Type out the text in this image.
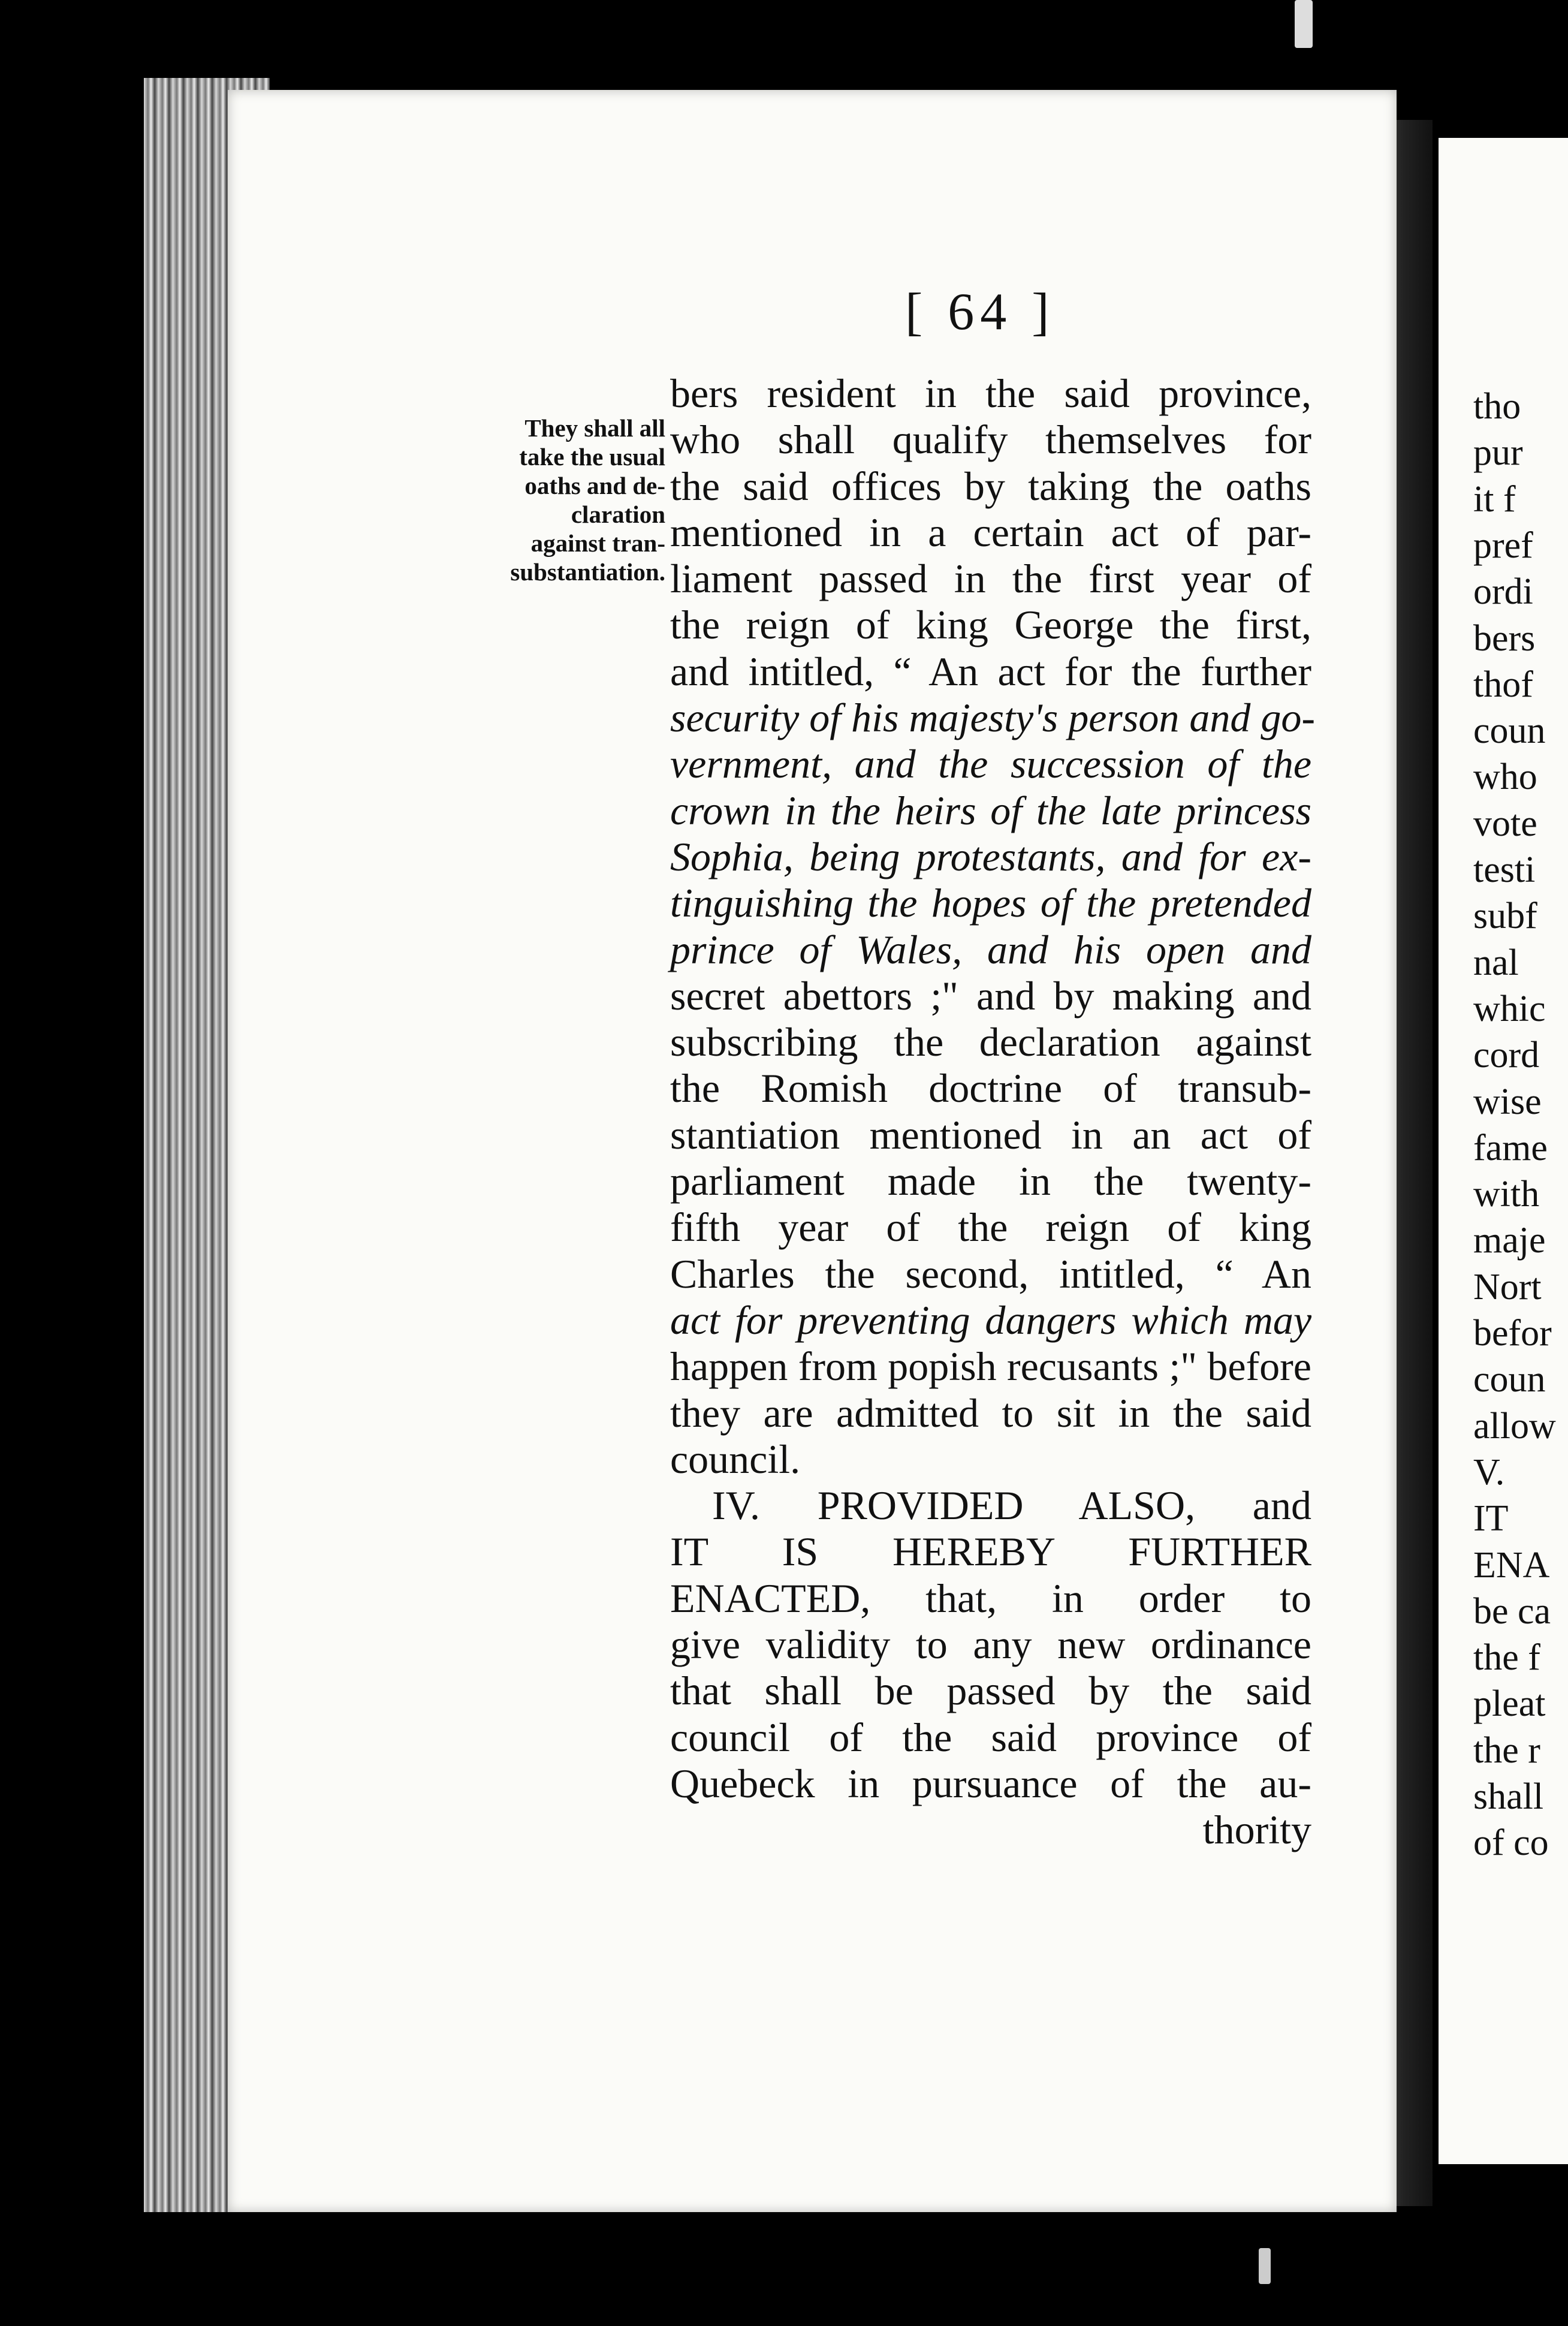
tho
pur
it f
pref
ordi
bers
thof
coun
who
vote
testi
subf
nal
whic
cord
wise
fame
with
maje
Nort
befor
coun
allow
V.
IT
ENA
be ca
the f
pleat
the r
shall
of co
[ 64 ]
They shall all
take the usual
oaths and de-
claration
against tran-
substantiation.
bers resident in the said province,
who shall qualify themselves for
the said offices by taking the oaths
mentioned in a certain act of par-
liament passed in the first year of
the reign of king George the first,
and intitled, “ An act for the further
security of his majesty's person and go-
vernment, and the succession of the
crown in the heirs of the late princess
Sophia, being protestants, and for ex-
tinguishing the hopes of the pretended
prince of Wales, and his open and
secret abettors ;" and by making and
subscribing the declaration against
the Romish doctrine of transub-
stantiation mentioned in an act of
parliament made in the twenty-
fifth year of the reign of king
Charles the second, intitled, “ An
act for preventing dangers which may
happen from popish recusants ;" before
they are admitted to sit in the said
council.
IV. PROVIDED ALSO, and
IT IS HEREBY FURTHER
ENACTED, that, in order to
give validity to any new ordinance
that shall be passed by the said
council of the said province of
Quebeck in pursuance of the au-
thority
